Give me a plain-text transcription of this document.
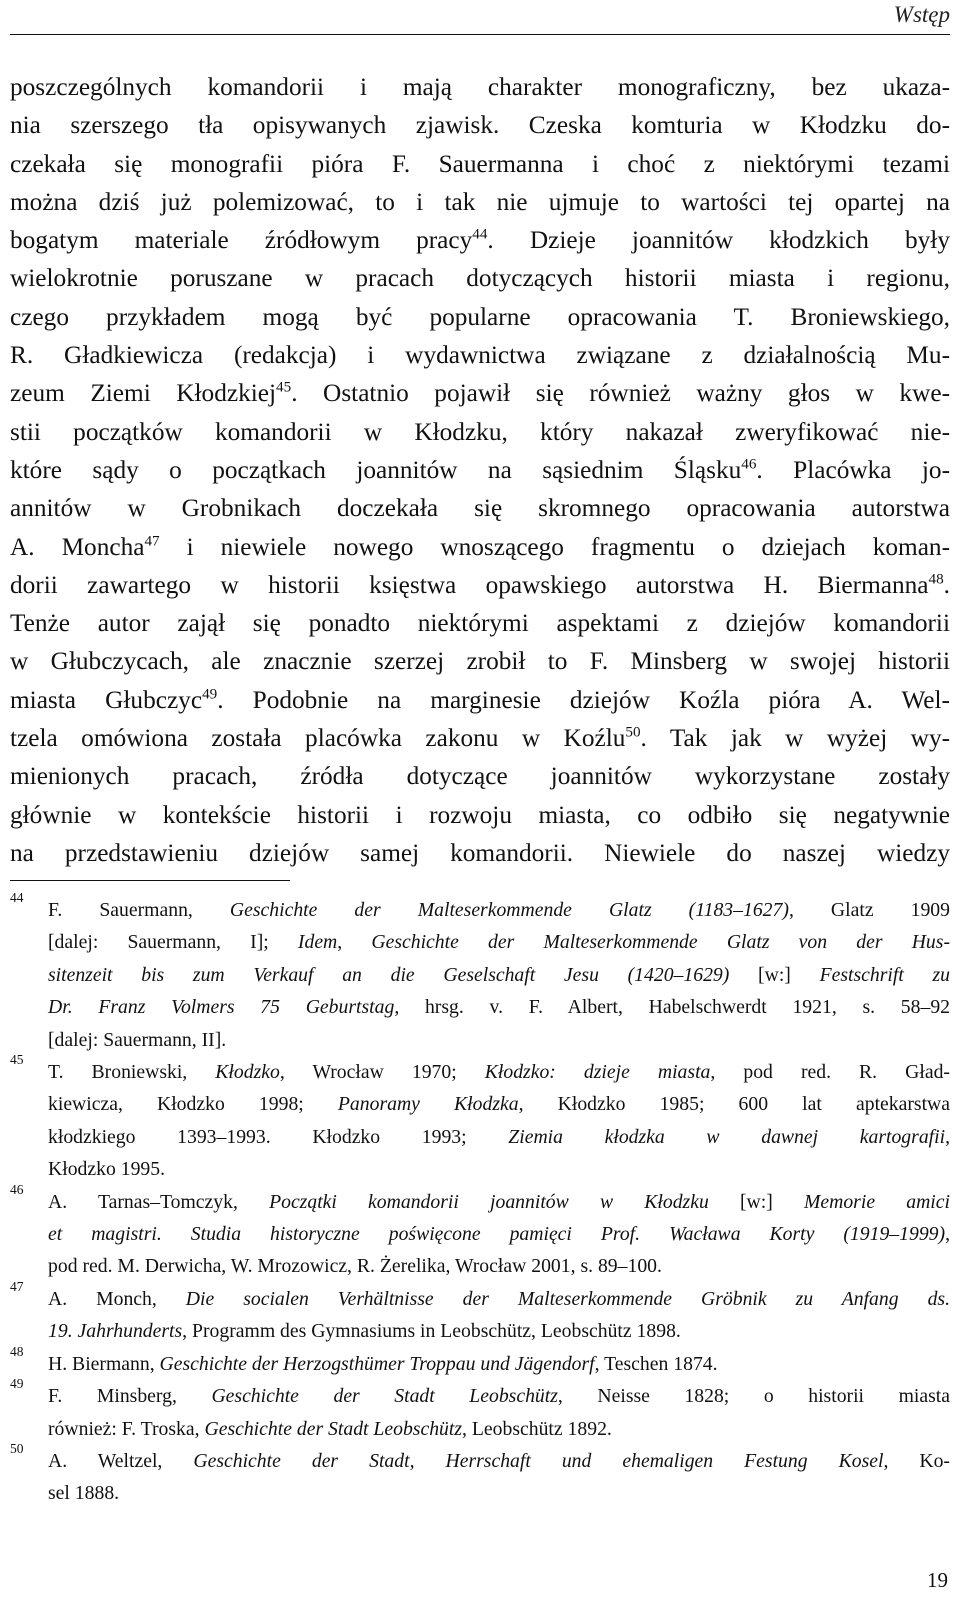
Wstęp
poszczególnych komandorii i mają charakter monograficzny, bez ukaza-
nia szerszego tła opisywanych zjawisk. Czeska komturia w Kłodzku do-
czekała się monografii pióra F. Sauermanna i choć z niektórymi tezami
można dziś już polemizować, to i tak nie ujmuje to wartości tej opartej na
bogatym materiale źródłowym pracy$^{44}$. Dzieje joannitów kłodzkich były
wielokrotnie poruszane w pracach dotyczących historii miasta i regionu,
czego przykładem mogą być popularne opracowania T. Broniewskiego,
R. Gładkiewicza (redakcja) i wydawnictwa związane z działalnością Mu-
zeum Ziemi Kłodzkiej$^{45}$. Ostatnio pojawił się również ważny głos w kwe-
stii początków komandorii w Kłodzku, który nakazał zweryfikować nie-
które sądy o początkach joannitów na sąsiednim Śląsku$^{46}$. Placówka jo-
annitów w Grobnikach doczekała się skromnego opracowania autorstwa
A. Moncha$^{47}$ i niewiele nowego wnoszącego fragmentu o dziejach koman-
dorii zawartego w historii księstwa opawskiego autorstwa H. Biermanna$^{48}$.
Tenże autor zajął się ponadto niektórymi aspektami z dziejów komandorii
w Głubczycach, ale znacznie szerzej zrobił to F. Minsberg w swojej historii
miasta Głubczyc$^{49}$. Podobnie na marginesie dziejów Koźla pióra A. Wel-
tzela omówiona została placówka zakonu w Koźlu$^{50}$. Tak jak w wyżej wy-
mienionych pracach, źródła dotyczące joannitów wykorzystane zostały
głównie w kontekście historii i rozwoju miasta, co odbiło się negatywnie
na przedstawieniu dziejów samej komandorii. Niewiele do naszej wiedzy
44
F. Sauermann, Geschichte der Malteserkommende Glatz (1183–1627), Glatz 1909
[dalej: Sauermann, I]; Idem, Geschichte der Malteserkommende Glatz von der Hus-
sitenzeit bis zum Verkauf an die Geselschaft Jesu (1420–1629) [w:] Festschrift zu
Dr. Franz Volmers 75 Geburtstag, hrsg. v. F. Albert, Habelschwerdt 1921, s. 58–92
[dalej: Sauermann, II].
45
T. Broniewski, Kłodzko, Wrocław 1970; Kłodzko: dzieje miasta, pod red. R. Gład-
kiewicza, Kłodzko 1998; Panoramy Kłodzka, Kłodzko 1985; 600 lat aptekarstwa
kłodzkiego 1393–1993. Kłodzko 1993; Ziemia kłodzka w dawnej kartografii,
Kłodzko 1995.
46
A. Tarnas–Tomczyk, Początki komandorii joannitów w Kłodzku [w:] Memorie amici
et magistri. Studia historyczne poświęcone pamięci Prof. Wacława Korty (1919–1999),
pod red. M. Derwicha, W. Mrozowicz, R. Żerelika, Wrocław 2001, s. 89–100.
47
A. Monch, Die socialen Verhältnisse der Malteserkommende Gröbnik zu Anfang ds.
19. Jahrhunderts, Programm des Gymnasiums in Leobschütz, Leobschütz 1898.
48
H. Biermann, Geschichte der Herzogsthümer Troppau und Jägendorf, Teschen 1874.
49
F. Minsberg, Geschichte der Stadt Leobschütz, Neisse 1828; o historii miasta
również: F. Troska, Geschichte der Stadt Leobschütz, Leobschütz 1892.
50
A. Weltzel, Geschichte der Stadt, Herrschaft und ehemaligen Festung Kosel, Ko-
sel 1888.
19
